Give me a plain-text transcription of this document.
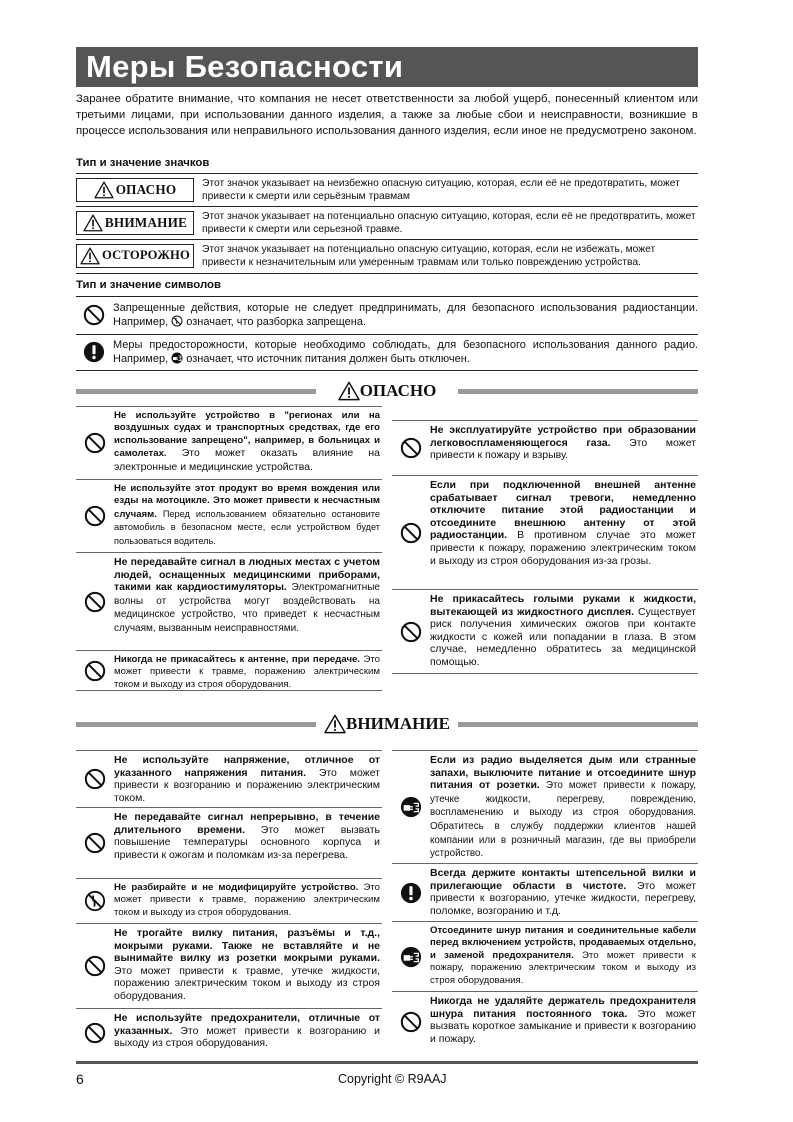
Меры Безопасности

Заранее обратите внимание, что компания не несет ответственности за любой ущерб, понесенный клиентом или третьими лицами, при использовании данного изделия, а также за любые сбои и неисправности, возникшие в процессе использования или неправильного использования данного изделия, если иное не предусмотрено законом.

Тип и значение значков
ОПАСНО	Этот значок указывает на неизбежно опасную ситуацию, которая, если её не предотвратить, может привести к смерти или серьёзным травмам
ВНИМАНИЕ	Этот значок указывает на потенциально опасную ситуацию, которая, если её не предотвратить, может привести к смерти или серьезной травме.
ОСТОРОЖНО	Этот значок указывает на потенциально опасную ситуацию, которая, если не избежать, может привести к незначительным или умеренным травмам или только повреждению устройства.
Тип и значение символов
Запрещенные действия, которые не следует предпринимать, для безопасного использования радиостанции. Например, означает, что разборка запрещена.
Меры предосторожности, которые необходимо соблюдать, для безопасного использования данного радио. Например, означает, что источник питания должен быть отключен.
ОПАСНО
Не используйте устройство в "регионах или на воздушных судах и транспортных средствах, где его использование запрещено", например, в больницах и самолетах. Это может оказать влияние на электронные и медицинские устройства.
Не используйте этот продукт во время вождения или езды на мотоцикле. Это может привести к несчастным случаям. Перед использованием обязательно остановите автомобиль в безопасном месте, если устройством будет пользоваться водитель.
Не передавайте сигнал в людных местах с учетом людей, оснащенных медицинскими приборами, такими как кардиостимуляторы. Электромагнитные волны от устройства могут воздействовать на медицинское устройство, что приведет к несчастным случаям, вызванным неисправностями.
Никогда не прикасайтесь к антенне, при передаче. Это может привести к травме, поражению электрическим током и выходу из строя оборудования.
Не эксплуатируйте устройство при образовании легковоспламеняющегося газа. Это может привести к пожару и взрыву.
Если при подключенной внешней антенне срабатывает сигнал тревоги, немедленно отключите питание этой радиостанции и отсоедините внешнюю антенну от этой радиостанции. В противном случае это может привести к пожару, поражению электрическим током и выходу из строя оборудования из-за грозы.
Не прикасайтесь голыми руками к жидкости, вытекающей из жидкостного дисплея. Существует риск получения химических ожогов при контакте жидкости с кожей или попадании в глаза. В этом случае, немедленно обратитесь за медицинской помощью.
ВНИМАНИЕ
Не используйте напряжение, отличное от указанного напряжения питания. Это может привести к возгоранию и поражению электрическим током.
Не передавайте сигнал непрерывно, в течение длительного времени. Это может вызвать повышение температуры основного корпуса и привести к ожогам и поломкам из-за перегрева.
Не разбирайте и не модифицируйте устройство. Это может привести к травме, поражению электрическим током и выходу из строя оборудования.
Не трогайте вилку питания, разъёмы и т.д., мокрыми руками. Также не вставляйте и не вынимайте вилку из розетки мокрыми руками. Это может привести к травме, утечке жидкости, поражению электрическим током и выходу из строя оборудования.
Не используйте предохранители, отличные от указанных. Это может привести к возгоранию и выходу из строя оборудования.
Если из радио выделяется дым или странные запахи, выключите питание и отсоедините шнур питания от розетки. Это может привести к пожару, утечке жидкости, перегреву, повреждению, воспламенению и выходу из строя оборудования. Обратитесь в службу поддержки клиентов нашей компании или в розничный магазин, где вы приобрели устройство.
Всегда держите контакты штепсельной вилки и прилегающие области в чистоте. Это может привести к возгоранию, утечке жидкости, перегреву, поломке, возгоранию и т.д.
Отсоедините шнур питания и соединительные кабели перед включением устройств, продаваемых отдельно, и заменой предохранителя. Это может привести к пожару, поражению электрическим током и выходу из строя оборудования.
Никогда не удаляйте держатель предохранителя шнура питания постоянного тока. Это может вызвать короткое замыкание и привести к возгоранию и пожару.
6	Copyright © R9AAJ
